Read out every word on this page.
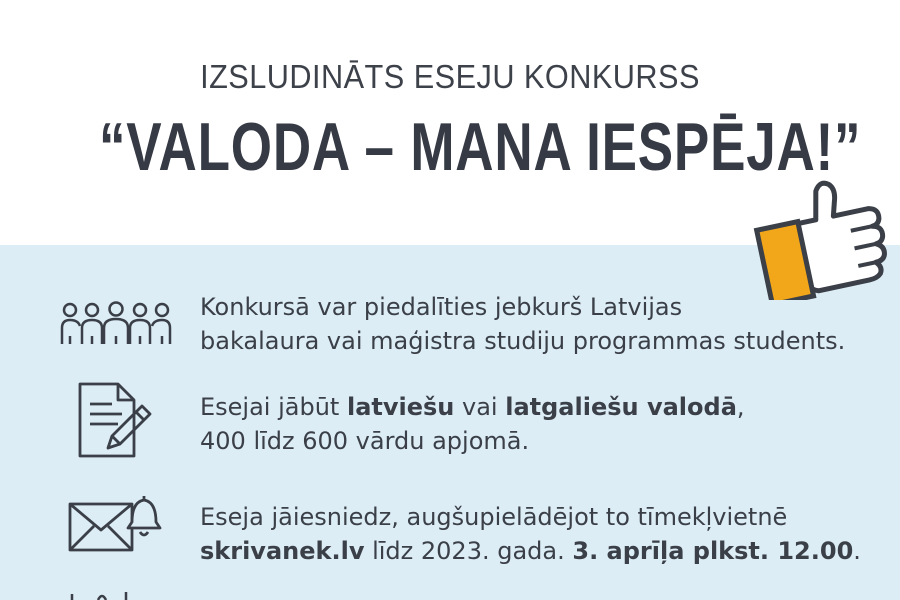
IZSLUDINĀTS ESEJU KONKURSS
“VALODA – MANA IESPĒJA!”
Konkursā var piedalīties jebkurš Latvijas
bakalaura vai maģistra studiju programmas students.
Esejai jābūt latviešu vai latgaliešu valodā,
400 līdz 600 vārdu apjomā.
Eseja jāiesniedz, augšupielādējot to tīmekļvietnē
skrivanek.lv līdz 2023. gada. 3. aprīļa plkst. 12.00.
